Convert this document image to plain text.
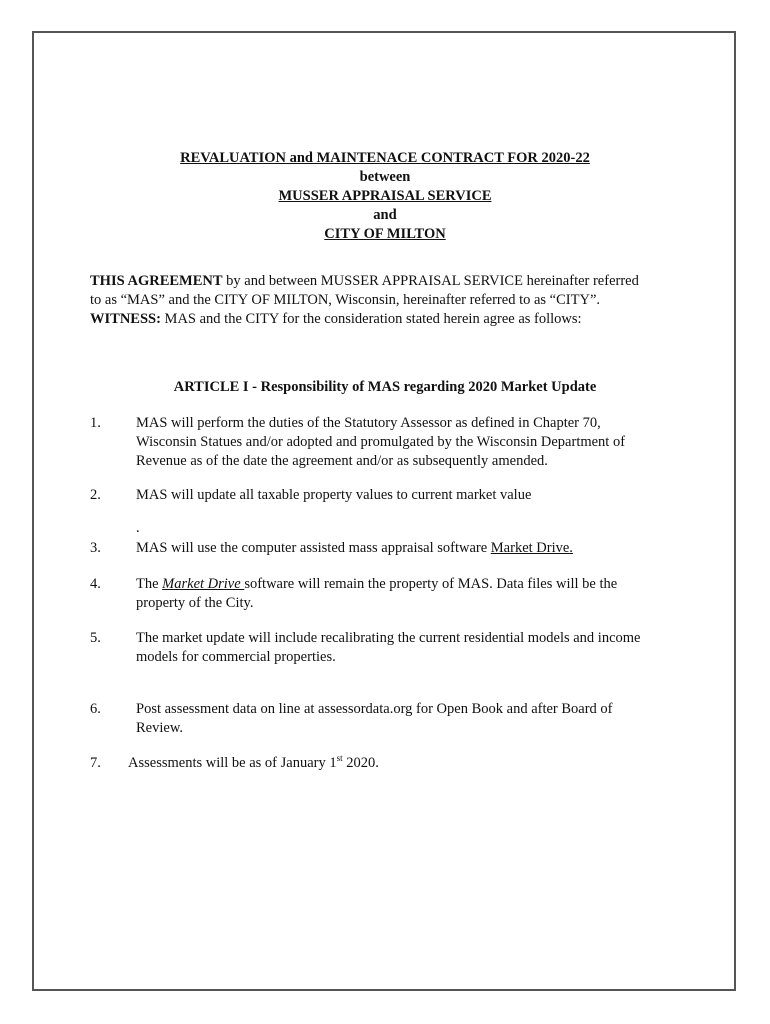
REVALUATION and MAINTENACE CONTRACT FOR 2020-22
between
MUSSER APPRAISAL SERVICE
and
CITY OF MILTON

THIS AGREEMENT by and between MUSSER APPRAISAL SERVICE hereinafter referred

to as “MAS” and the CITY OF MILTON, Wisconsin, hereinafter referred to as “CITY”.

WITNESS: MAS and the CITY for the consideration stated herein agree as follows:

ARTICLE I - Responsibility of MAS regarding 2020 Market Update
1. MAS will perform the duties of the Statutory Assessor as defined in Chapter 70, Wisconsin Statues and/or adopted and promulgated by the Wisconsin Department of Revenue as of the date the agreement and/or as subsequently amended.
2. MAS will update all taxable property values to current market value
.
3. MAS will use the computer assisted mass appraisal software Market Drive.
4. The Market Drive software will remain the property of MAS. Data files will be the property of the City.
5. The market update will include recalibrating the current residential models and income models for commercial properties.
6. Post assessment data on line at assessordata.org for Open Book and after Board of Review.
7. Assessments will be as of January 1st 2020.
